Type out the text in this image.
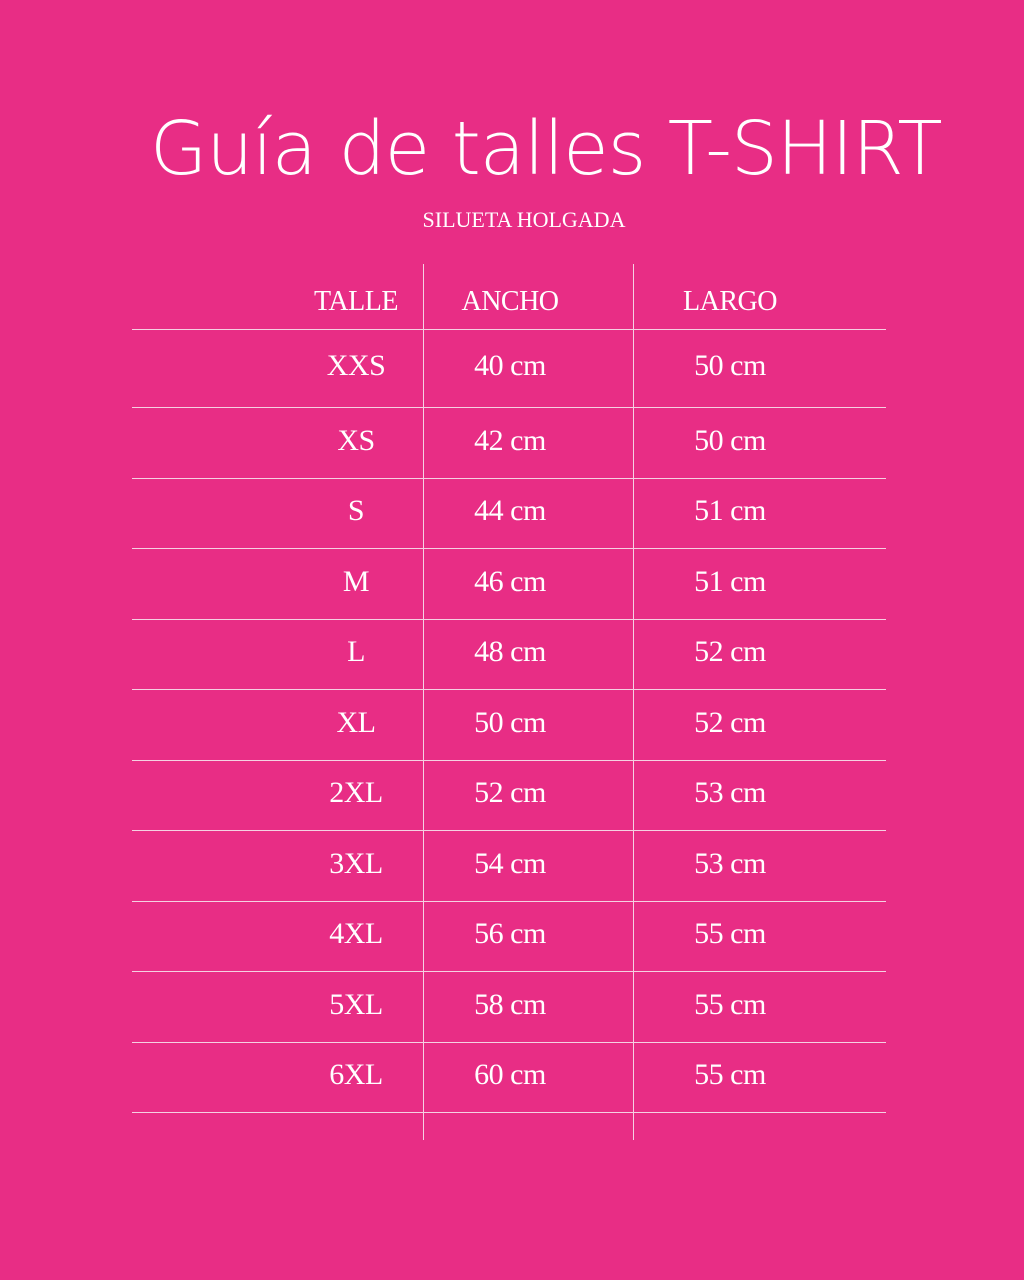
Guía de talles T-SHIRT
SILUETA HOLGADA
TALLE	ANCHO	LARGO
XXS	40 cm	50 cm
XS	42 cm	50 cm
S	44 cm	51 cm
M	46 cm	51 cm
L	48 cm	52 cm
XL	50 cm	52 cm
2XL	52 cm	53 cm
3XL	54 cm	53 cm
4XL	56 cm	55 cm
5XL	58 cm	55 cm
6XL	60 cm	55 cm
